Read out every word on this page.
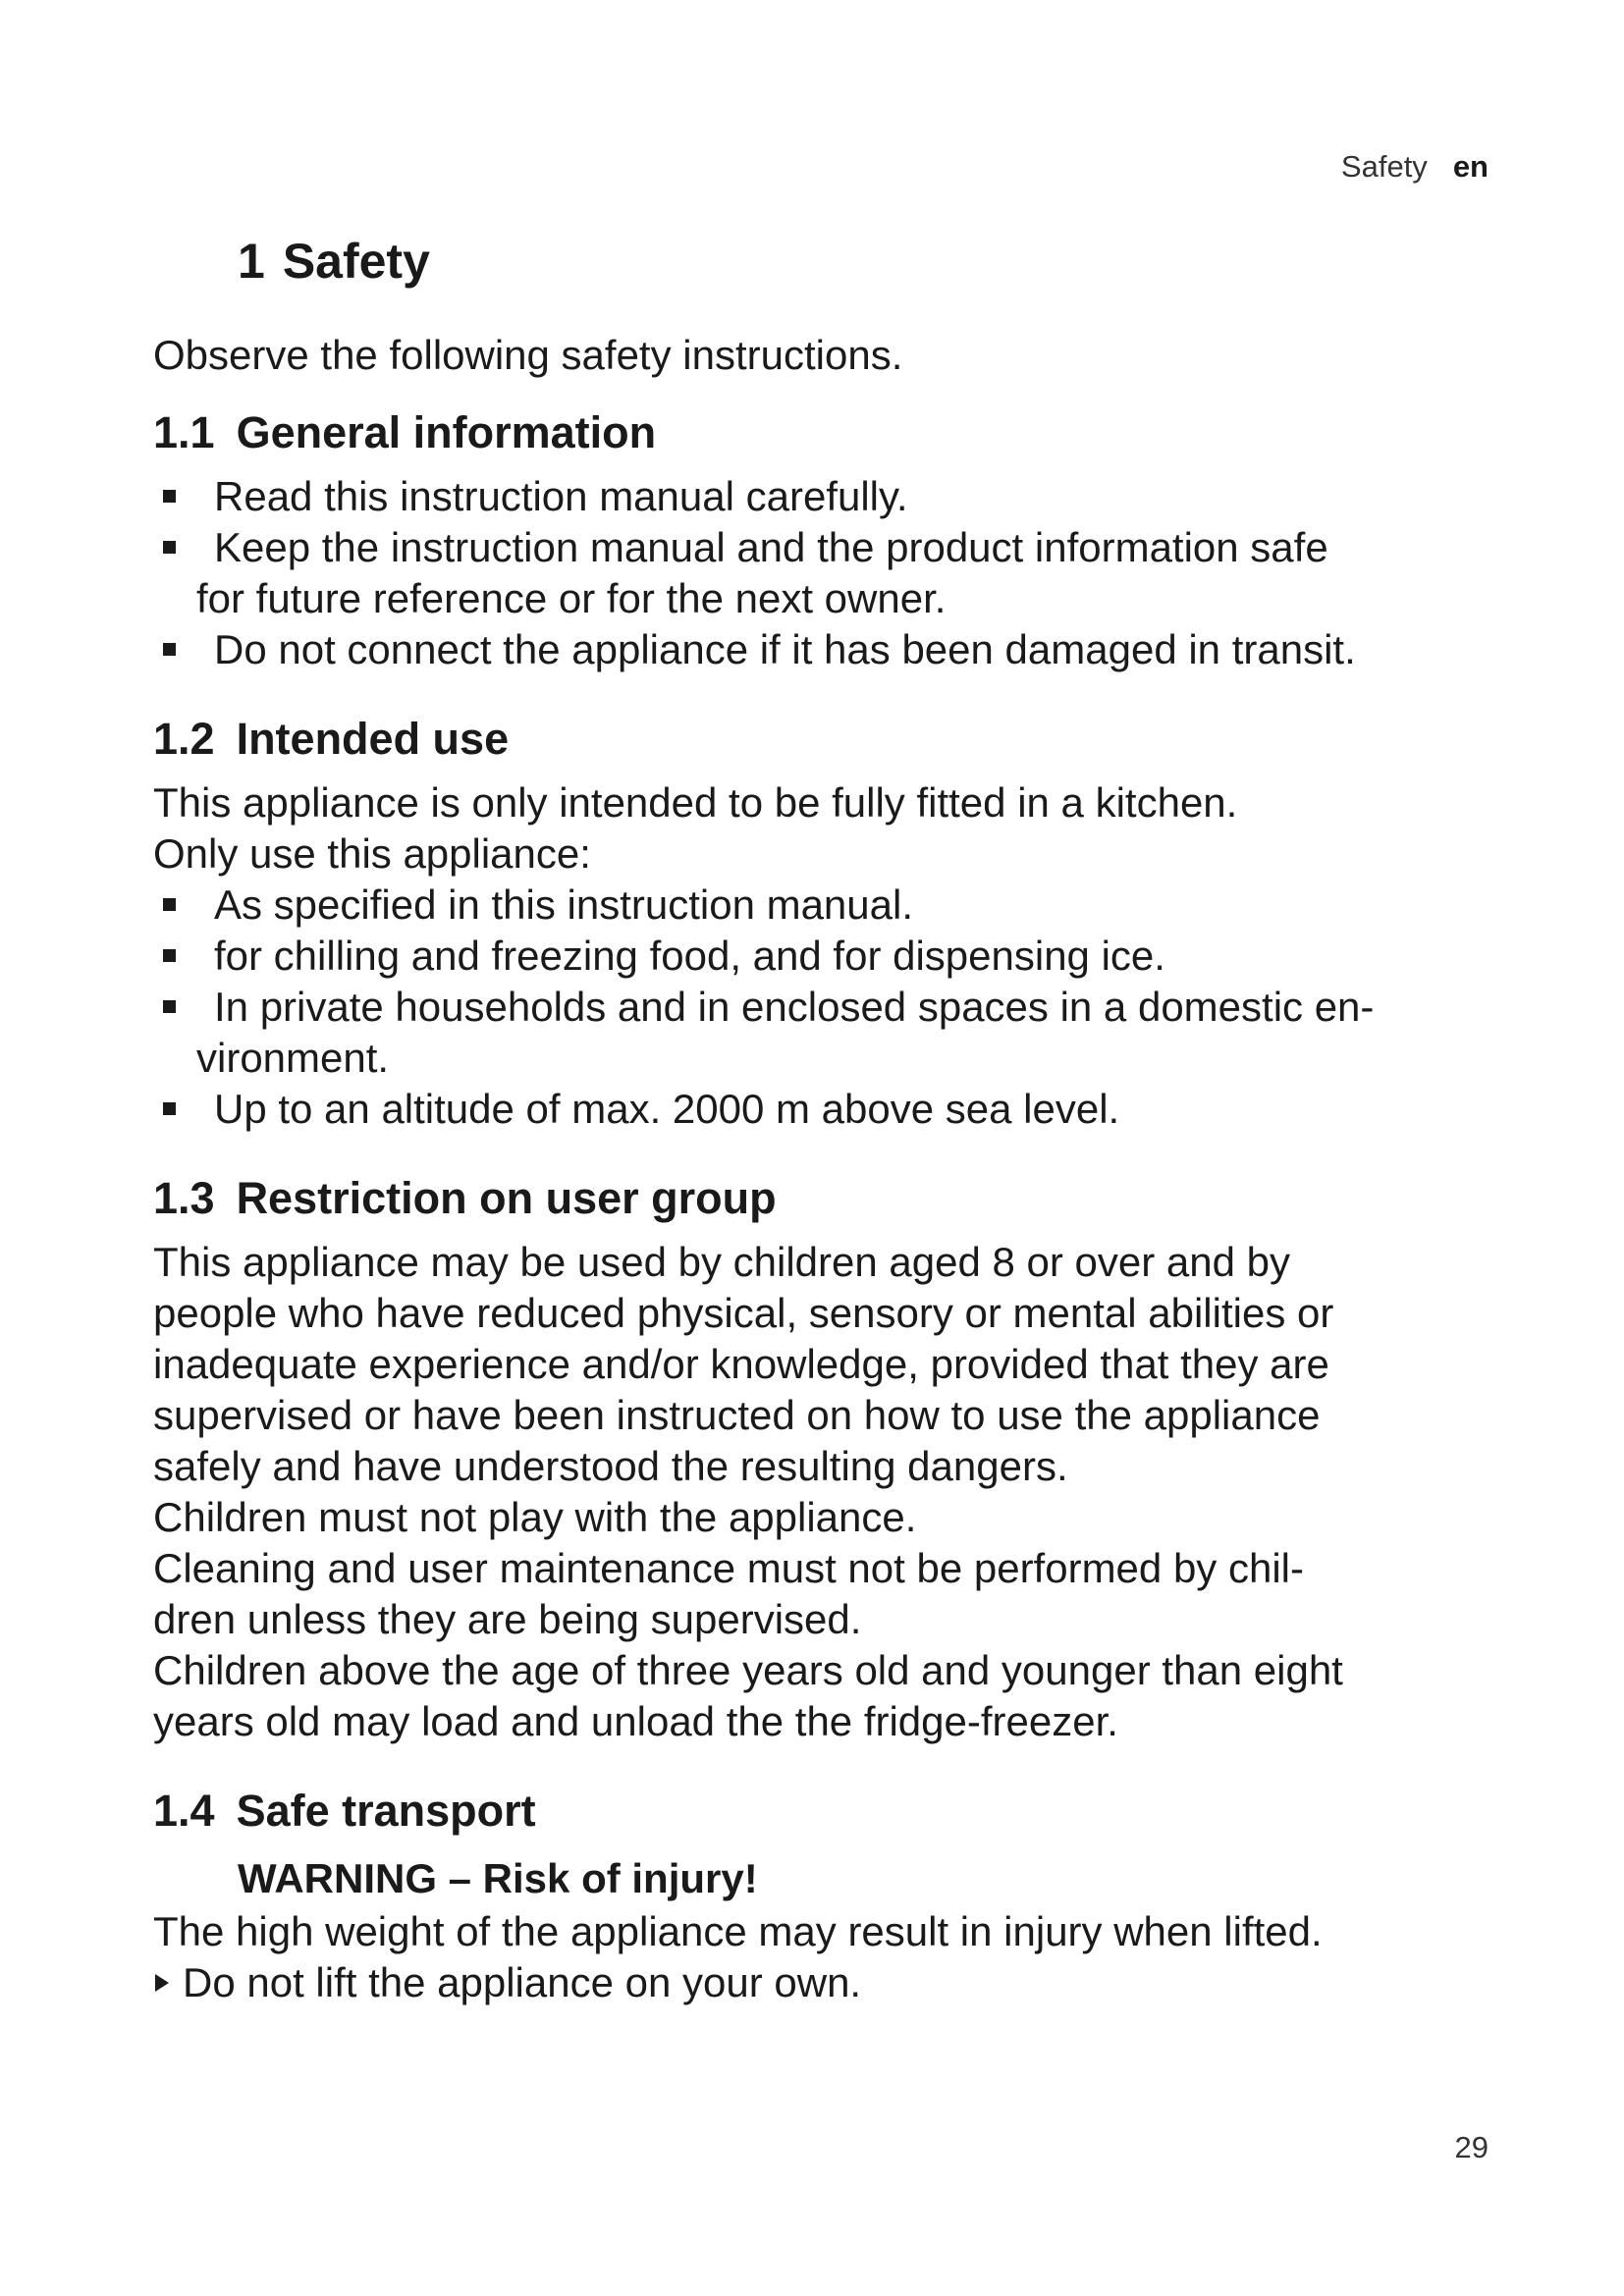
Safety en
1 Safety

Observe the following safety instructions.

1.1 General information
Read this instruction manual carefully.
Keep the instruction manual and the product information safe
for future reference or for the next owner.
Do not connect the appliance if it has been damaged in transit.
1.2 Intended use

This appliance is only intended to be fully fitted in a kitchen.

Only use this appliance:

As specified in this instruction manual.
for chilling and freezing food, and for dispensing ice.
In private households and in enclosed spaces in a domestic en-
vironment.
Up to an altitude of max. 2000 m above sea level.
1.3 Restriction on user group

This appliance may be used by children aged 8 or over and by
people who have reduced physical, sensory or mental abilities or
inadequate experience and/or knowledge, provided that they are
supervised or have been instructed on how to use the appliance
safely and have understood the resulting dangers.
Children must not play with the appliance.
Cleaning and user maintenance must not be performed by chil-
dren unless they are being supervised.
Children above the age of three years old and younger than eight
years old may load and unload the the fridge-freezer.

1.4 Safe transport
WARNING – Risk of injury!

The high weight of the appliance may result in injury when lifted.

Do not lift the appliance on your own.

29
